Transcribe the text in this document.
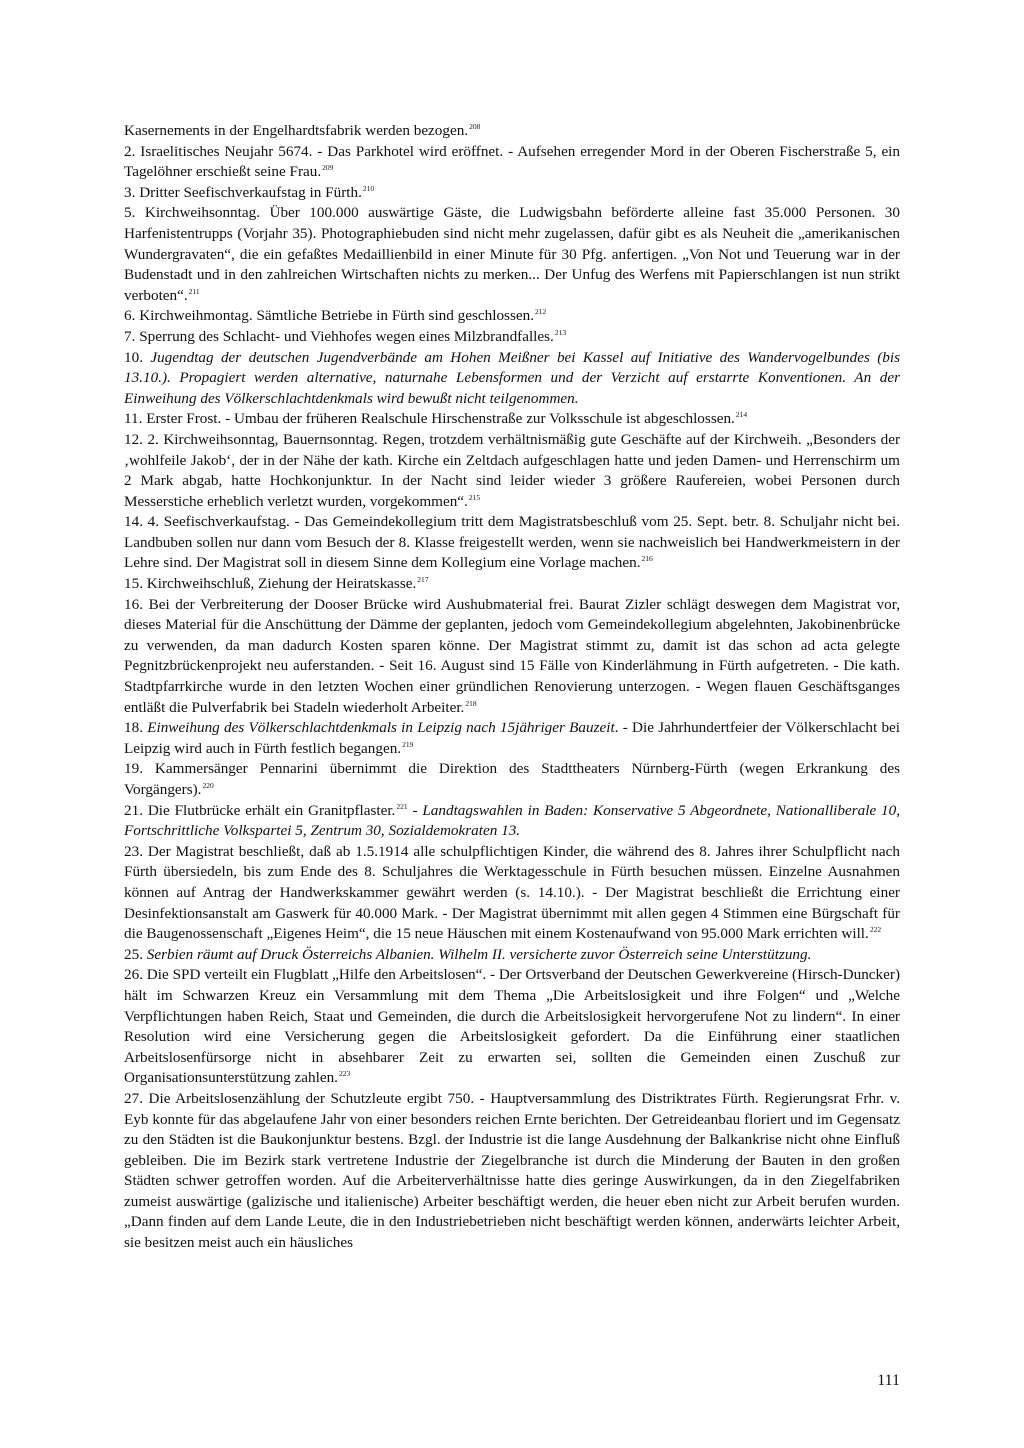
Kasernements in der Engelhardtsfabrik werden bezogen.$^{208}$

2. Israelitisches Neujahr 5674. - Das Parkhotel wird eröffnet. - Aufsehen erregender Mord in der Oberen Fischerstraße 5, ein Tagelöhner erschießt seine Frau.$^{209}$

3. Dritter Seefischverkaufstag in Fürth.$^{210}$

5. Kirchweihsonntag. Über 100.000 auswärtige Gäste, die Ludwigsbahn beförderte alleine fast 35.000 Personen. 30 Harfenistentrupps (Vorjahr 35). Photographiebuden sind nicht mehr zugelassen, dafür gibt es als Neuheit die „amerikanischen Wundergravaten“, die ein gefaßtes Medaillienbild in einer Minute für 30 Pfg. anfertigen. „Von Not und Teuerung war in der Budenstadt und in den zahlreichen Wirtschaften nichts zu merken... Der Unfug des Werfens mit Papierschlangen ist nun strikt verboten“.$^{211}$

6. Kirchweihmontag. Sämtliche Betriebe in Fürth sind geschlossen.$^{212}$

7. Sperrung des Schlacht- und Viehhofes wegen eines Milzbrandfalles.$^{213}$

10. Jugendtag der deutschen Jugendverbände am Hohen Meißner bei Kassel auf Initiative des Wandervogelbundes (bis 13.10.). Propagiert werden alternative, naturnahe Lebensformen und der Verzicht auf erstarrte Konventionen. An der Einweihung des Völkerschlachtdenkmals wird bewußt nicht teilgenommen.

11. Erster Frost. - Umbau der früheren Realschule Hirschenstraße zur Volksschule ist abgeschlossen.$^{214}$

12. 2. Kirchweihsonntag, Bauernsonntag. Regen, trotzdem verhältnismäßig gute Geschäfte auf der Kirchweih. „Besonders der ‚wohlfeile Jakob‘, der in der Nähe der kath. Kirche ein Zeltdach aufgeschlagen hatte und jeden Damen- und Herrenschirm um 2 Mark abgab, hatte Hochkonjunktur. In der Nacht sind leider wieder 3 größere Raufereien, wobei Personen durch Messerstiche erheblich verletzt wurden, vorgekommen“.$^{215}$

14. 4. Seefischverkaufstag. - Das Gemeindekollegium tritt dem Magistratsbeschluß vom 25. Sept. betr. 8. Schuljahr nicht bei. Landbuben sollen nur dann vom Besuch der 8. Klasse freigestellt werden, wenn sie nachweislich bei Handwerkmeistern in der Lehre sind. Der Magistrat soll in diesem Sinne dem Kollegium eine Vorlage machen.$^{216}$

15. Kirchweihschluß, Ziehung der Heiratskasse.$^{217}$

16. Bei der Verbreiterung der Dooser Brücke wird Aushubmaterial frei. Baurat Zizler schlägt deswegen dem Magistrat vor, dieses Material für die Anschüttung der Dämme der geplanten, jedoch vom Gemeindekollegium abgelehnten, Jakobinenbrücke zu verwenden, da man dadurch Kosten sparen könne. Der Magistrat stimmt zu, damit ist das schon ad acta gelegte Pegnitzbrückenprojekt neu auferstanden. - Seit 16. August sind 15 Fälle von Kinderlähmung in Fürth aufgetreten. - Die kath. Stadtpfarrkirche wurde in den letzten Wochen einer gründlichen Renovierung unterzogen. - Wegen flauen Geschäftsganges entläßt die Pulverfabrik bei Stadeln wiederholt Arbeiter.$^{218}$

18. Einweihung des Völkerschlachtdenkmals in Leipzig nach 15jähriger Bauzeit. - Die Jahrhundertfeier der Völkerschlacht bei Leipzig wird auch in Fürth festlich begangen.$^{219}$

19. Kammersänger Pennarini übernimmt die Direktion des Stadttheaters Nürnberg-Fürth (wegen Erkrankung des Vorgängers).$^{220}$

21. Die Flutbrücke erhält ein Granitpflaster.$^{221}$ - Landtagswahlen in Baden: Konservative 5 Abgeordnete, Nationalliberale 10, Fortschrittliche Volkspartei 5, Zentrum 30, Sozialdemokraten 13.

23. Der Magistrat beschließt, daß ab 1.5.1914 alle schulpflichtigen Kinder, die während des 8. Jahres ihrer Schulpflicht nach Fürth übersiedeln, bis zum Ende des 8. Schuljahres die Werktagesschule in Fürth besuchen müssen. Einzelne Ausnahmen können auf Antrag der Handwerkskammer gewährt werden (s. 14.10.). - Der Magistrat beschließt die Errichtung einer Desinfektionsanstalt am Gaswerk für 40.000 Mark. - Der Magistrat übernimmt mit allen gegen 4 Stimmen eine Bürgschaft für die Baugenossenschaft „Eigenes Heim“, die 15 neue Häuschen mit einem Kostenaufwand von 95.000 Mark errichten will.$^{222}$

25. Serbien räumt auf Druck Österreichs Albanien. Wilhelm II. versicherte zuvor Österreich seine Unterstützung.

26. Die SPD verteilt ein Flugblatt „Hilfe den Arbeitslosen“. - Der Ortsverband der Deutschen Gewerkvereine (Hirsch-Duncker) hält im Schwarzen Kreuz ein Versammlung mit dem Thema „Die Arbeitslosigkeit und ihre Folgen“ und „Welche Verpflichtungen haben Reich, Staat und Gemeinden, die durch die Arbeitslosigkeit hervorgerufene Not zu lindern“. In einer Resolution wird eine Versicherung gegen die Arbeitslosigkeit gefordert. Da die Einführung einer staatlichen Arbeitslosenfürsorge nicht in absehbarer Zeit zu erwarten sei, sollten die Gemeinden einen Zuschuß zur Organisationsunterstützung zahlen.$^{223}$

27. Die Arbeitslosenzählung der Schutzleute ergibt 750. - Hauptversammlung des Distriktrates Fürth. Regierungsrat Frhr. v. Eyb konnte für das abgelaufene Jahr von einer besonders reichen Ernte berichten. Der Getreideanbau floriert und im Gegensatz zu den Städten ist die Baukonjunktur bestens. Bzgl. der Industrie ist die lange Ausdehnung der Balkankrise nicht ohne Einfluß gebleiben. Die im Bezirk stark vertretene Industrie der Ziegelbranche ist durch die Minderung der Bauten in den großen Städten schwer getroffen worden. Auf die Arbeiterverhältnisse hatte dies geringe Auswirkungen, da in den Ziegelfabriken zumeist auswärtige (galizische und italienische) Arbeiter beschäftigt werden, die heuer eben nicht zur Arbeit berufen wurden. „Dann finden auf dem Lande Leute, die in den Industriebetrieben nicht beschäftigt werden können, anderwärts leichter Arbeit, sie besitzen meist auch ein häusliches

111
